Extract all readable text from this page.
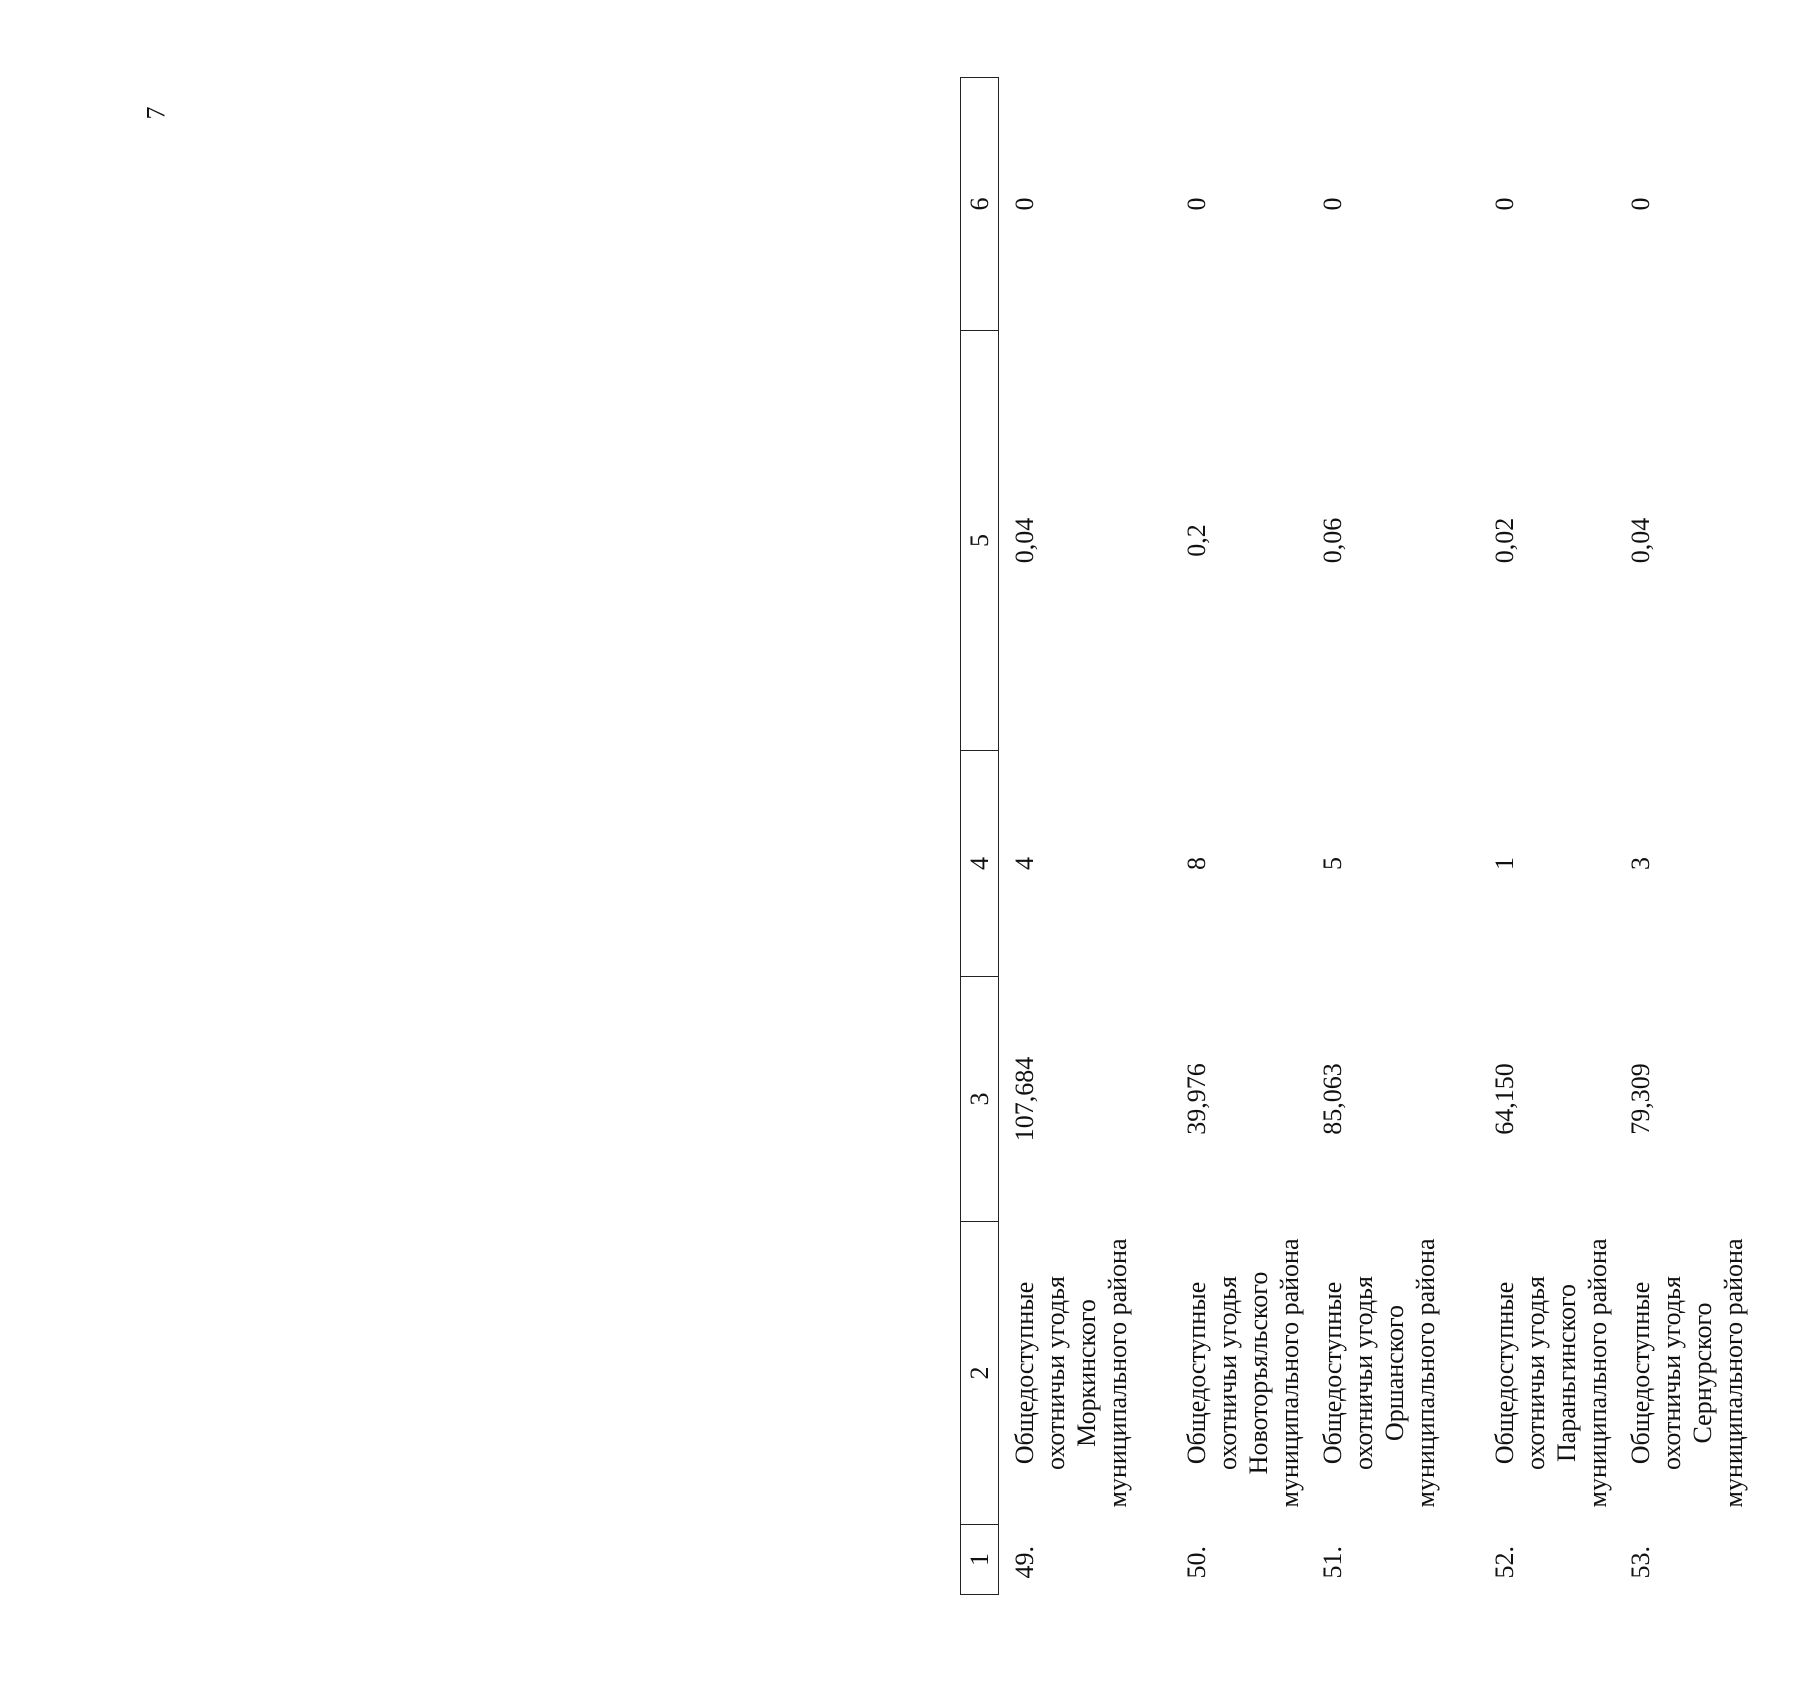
7
1	2	3	4	5	6
49.	Общедоступные охотничьи угодья Моркинского муниципального района	107,684	4	0,04	0
50.	Общедоступные охотничьи угодья Новоторъяльского муниципального района	39,976	8	0,2	0
51.	Общедоступные охотничьи угодья Оршанского муниципального района	85,063	5	0,06	0
52.	Общедоступные охотничьи угодья Параньгинского муниципального района	64,150	1	0,02	0
53.	Общедоступные охотничьи угодья Сернурского муниципального района	79,309	3	0,04	0
